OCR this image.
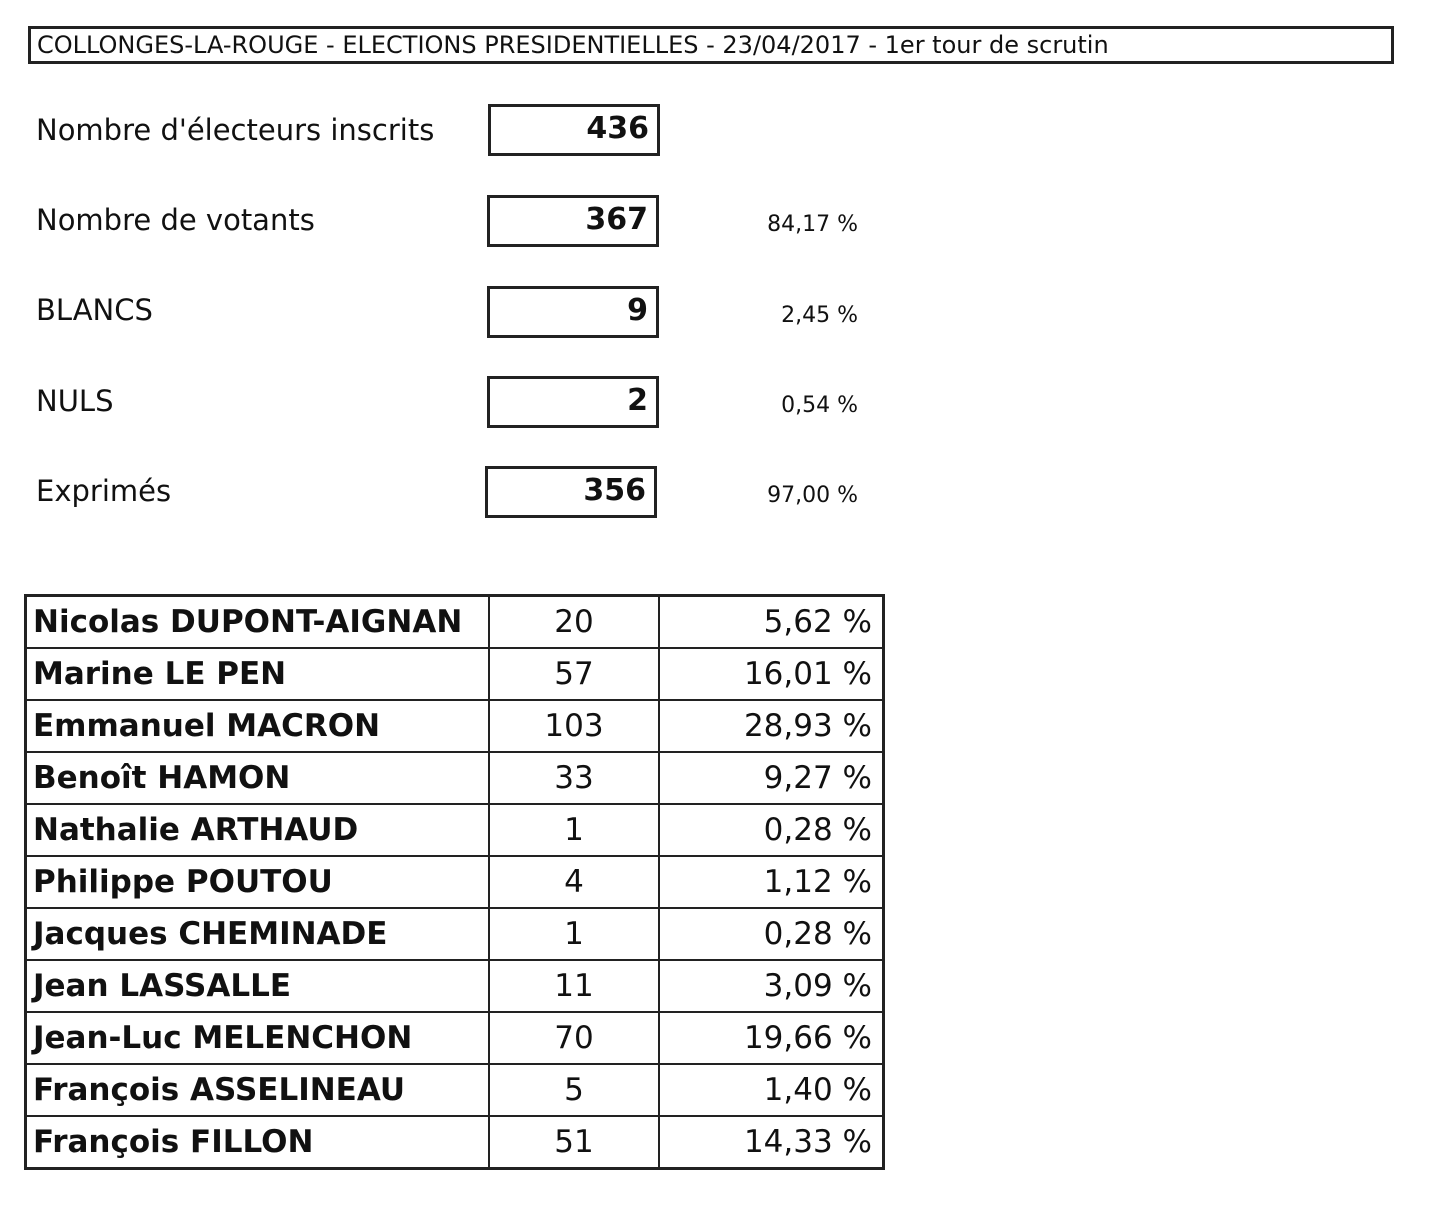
COLLONGES-LA-ROUGE - ELECTIONS PRESIDENTIELLES - 23/04/2017 - 1er tour de scrutin
Nombre d'électeurs inscrits	436
Nombre de votants	367	84,17 %
BLANCS	9	2,45 %
NULS	2	0,54 %
Exprimés	356	97,00 %
Nicolas DUPONT-AIGNAN	20	5,62 %
Marine LE PEN	57	16,01 %
Emmanuel MACRON	103	28,93 %
Benoît HAMON	33	9,27 %
Nathalie ARTHAUD	1	0,28 %
Philippe POUTOU	4	1,12 %
Jacques CHEMINADE	1	0,28 %
Jean LASSALLE	11	3,09 %
Jean-Luc MELENCHON	70	19,66 %
François ASSELINEAU	5	1,40 %
François FILLON	51	14,33 %
